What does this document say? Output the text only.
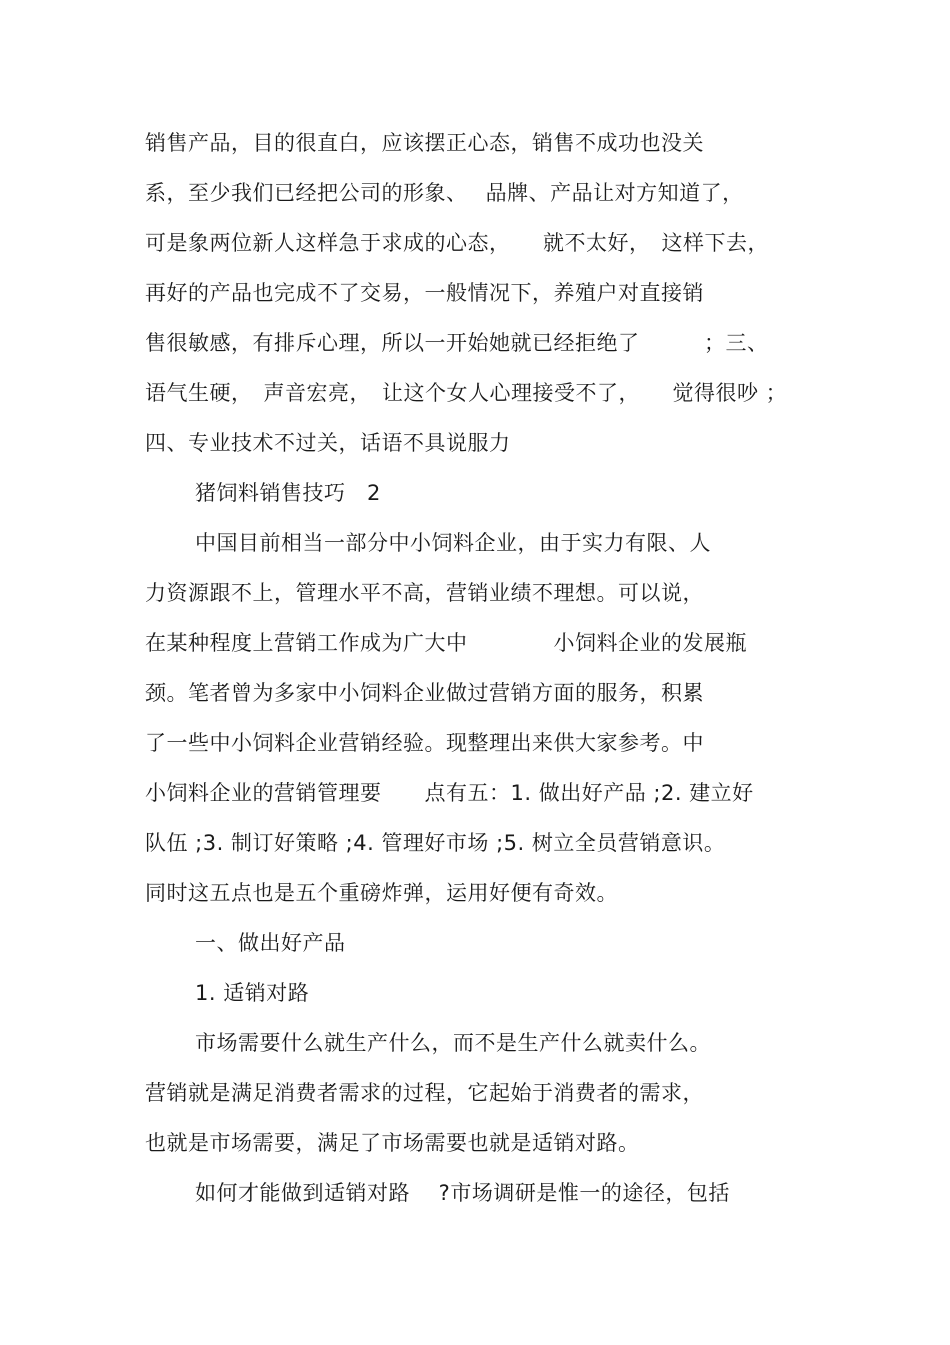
销售产品，目的很直白，应该摆正心态，销售不成功也没关
系，至少我们已经把公司的形象、　 品牌、产品让对方知道了，
可是象两位新人这样急于求成的心态，　　就不太好，　这样下去，
再好的产品也完成不了交易，一般情况下，养殖户对直接销
售很敏感，有排斥心理，所以一开始她就已经拒绝了　　　；三、
语气生硬，　声音宏亮，　让这个女人心理接受不了，　　觉得很吵 ；
四、专业技术不过关，话语不具说服力
猪饲料销售技巧　2
中国目前相当一部分中小饲料企业，由于实力有限、人
力资源跟不上，管理水平不高，营销业绩不理想。可以说，
在某种程度上营销工作成为广大中　　　　小饲料企业的发展瓶
颈。笔者曾为多家中小饲料企业做过营销方面的服务，积累
了一些中小饲料企业营销经验。现整理出来供大家参考。中
小饲料企业的营销管理要　　点有五：1. 做出好产品 ;2. 建立好
队伍 ;3. 制订好策略 ;4. 管理好市场 ;5. 树立全员营销意识。
同时这五点也是五个重磅炸弹，运用好便有奇效。
一、做出好产品
1. 适销对路
市场需要什么就生产什么，而不是生产什么就卖什么。
营销就是满足消费者需求的过程，它起始于消费者的需求，
也就是市场需要，满足了市场需要也就是适销对路。
如何才能做到适销对路　 ?市场调研是惟一的途径，包括
